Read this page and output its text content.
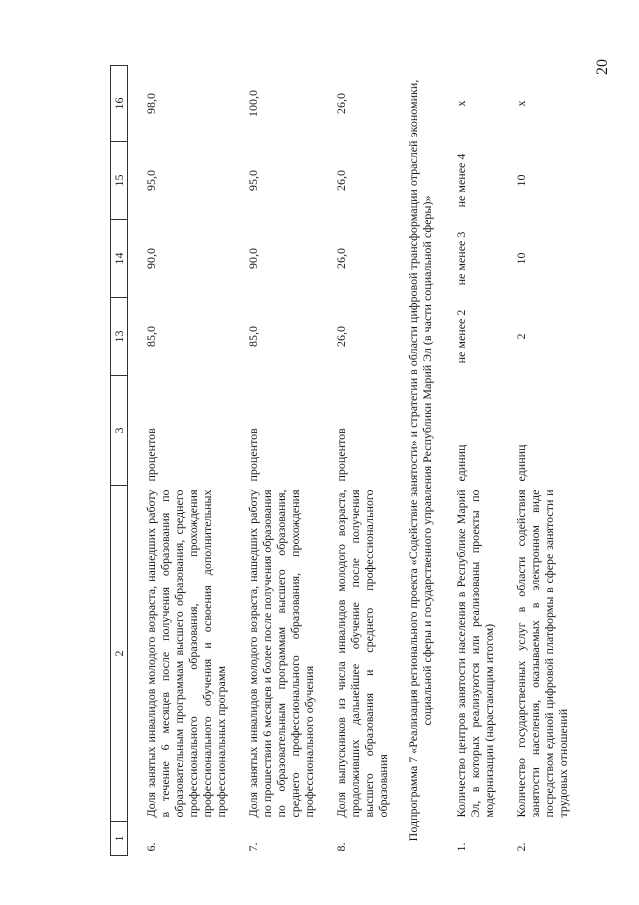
20
1	2	3	13	14	15	16
6.	Доля занятых инвалидов молодого возраста, нашедших работу в течение 6 месяцев после получения образования по образовательным программам высшего образования, среднего профессионального образования, прохождения профессионального обучения и освоения дополнительных профессиональных программ	процентов	85,0	90,0	95,0	98,0
7.	Доля занятых инвалидов молодого возраста, нашедших работу по прошествии 6 месяцев и более после получения образования по образовательным программам высшего образования, среднего профессионального образования, прохождения профессионального обучения	процентов	85,0	90,0	95,0	100,0
8.	Доля выпускников из числа инвалидов молодого возраста, продолживших дальнейшее обучение после получения высшего образования и среднего профессионального образования	процентов	26,0	26,0	26,0	26,0
Подпрограмма 7 «Реализация регионального проекта «Содействие занятости» и стратегии в области цифровой трансформации отраслей экономики, социальной сферы и государственного управления Республики Марий Эл (в части социальной сферы)»						
1.	Количество центров занятости населения в Республике Марий Эл, в которых реализуются или реализованы проекты по модернизации (нарастающим итогом)	единиц	не менее 2	не менее 3	не менее 4	х
2.	Количество государственных услуг в области содействия занятости населения, оказываемых в электронном виде посредством единой цифровой платформы в сфере занятости и трудовых отношений	единиц	2	10	10	х
